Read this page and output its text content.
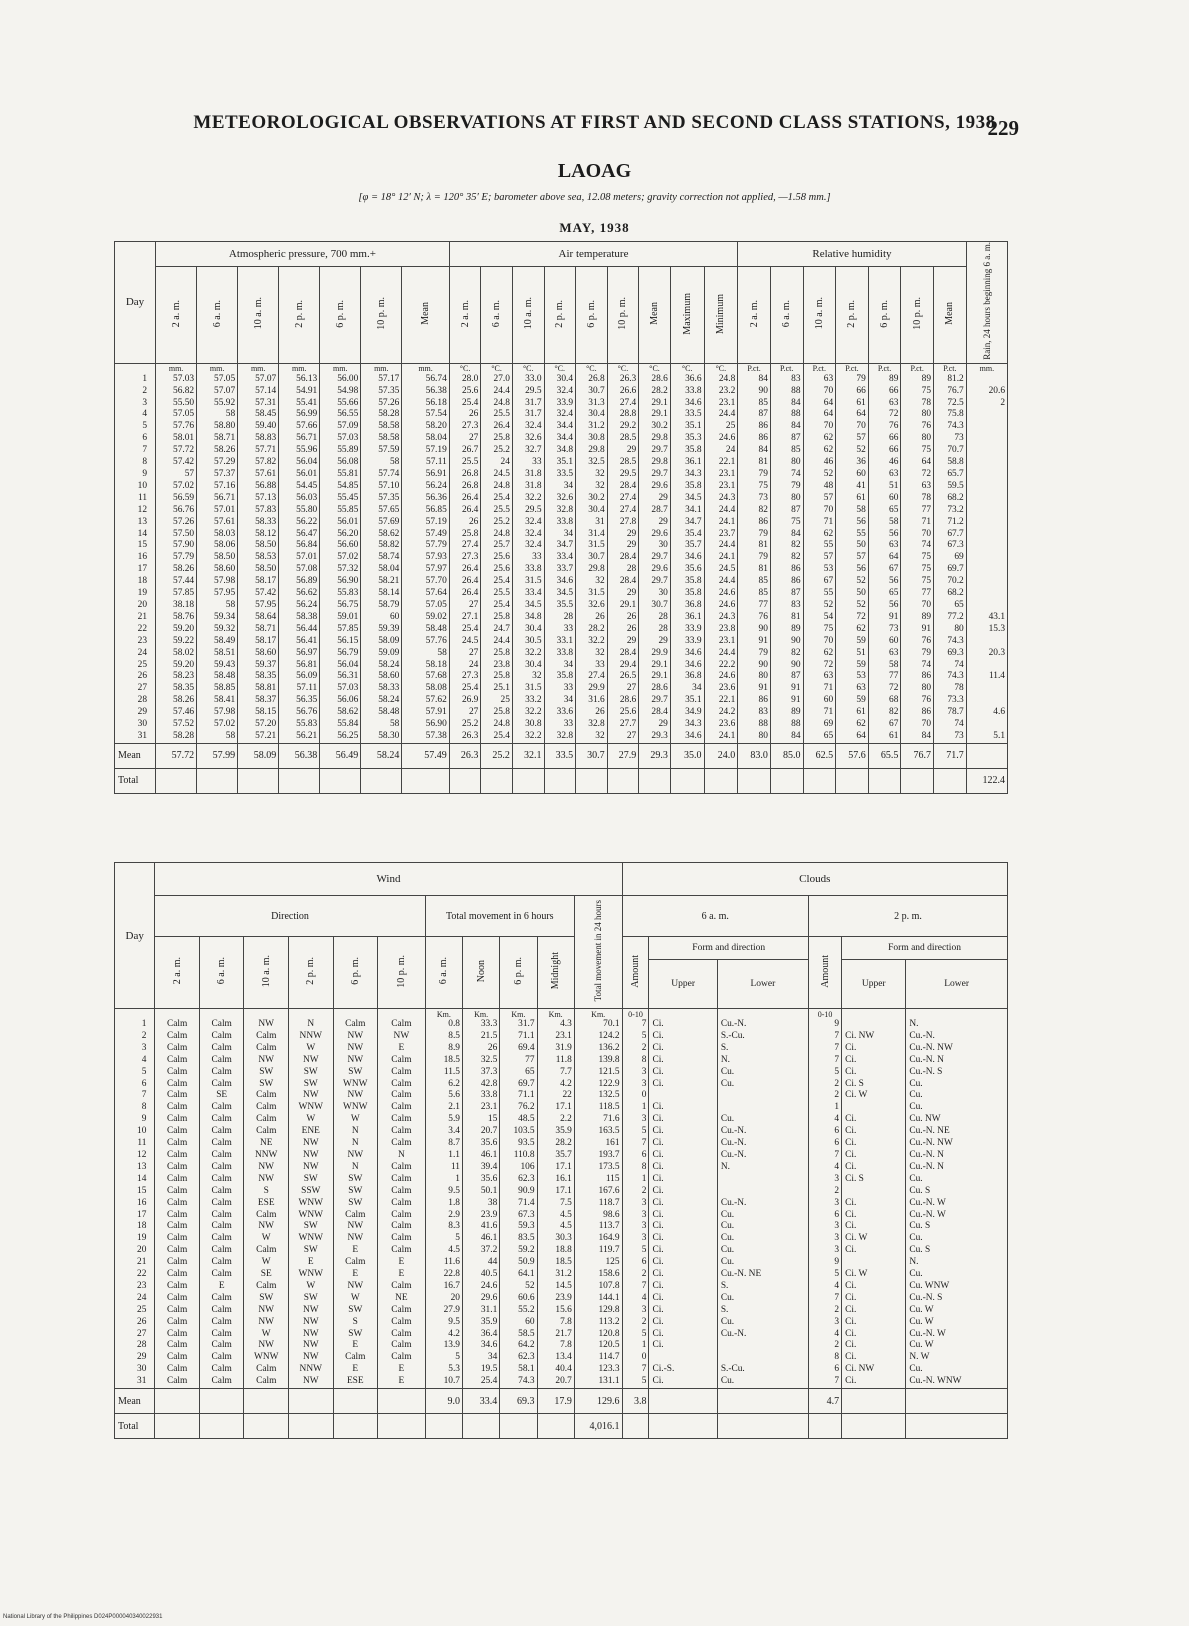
METEOROLOGICAL OBSERVATIONS AT FIRST AND SECOND CLASS STATIONS, 1938
229
LAOAG
[φ = 18° 12′ N; λ = 120° 35′ E; barometer above sea, 12.08 meters; gravity correction not applied, —1.58 mm.]
MAY, 1938
Day	Atmospheric pressure, 700 mm.+							Air temperature									Relative humidity							Rain, 24 hours beginning 6 a. m.
	2 a. m.	6 a. m.	10 a. m.	2 p. m.	6 p. m.	10 p. m.	Mean	2 a. m.	6 a. m.	10 a. m.	2 p. m.	6 p. m.	10 p. m.	Mean	Maximum	Minimum	2 a. m.	6 a. m.	10 a. m.	2 p. m.	6 p. m.	10 p. m.	Mean	
	mm.	mm.	mm.	mm.	mm.	mm.	mm.	°C.	°C.	°C.	°C.	°C.	°C.	°C.	°C.	°C.	P.ct.	P.ct.	P.ct.	P.ct.	P.ct.	P.ct.	P.ct.	mm.
1	57.03	57.05	57.07	56.13	56.00	57.17	56.74	28.0	27.0	33.0	30.4	26.8	26.3	28.6	36.6	24.8	84	83	63	79	89	89	81.2	
2	56.82	57.07	57.14	54.91	54.98	57.35	56.38	25.6	24.4	29.5	32.4	30.7	26.6	28.2	33.8	23.2	90	88	70	66	66	75	76.7	20.6
3	55.50	55.92	57.31	55.41	55.66	57.26	56.18	25.4	24.8	31.7	33.9	31.3	27.4	29.1	34.6	23.1	85	84	64	61	63	78	72.5	2
4	57.05	58	58.45	56.99	56.55	58.28	57.54	26	25.5	31.7	32.4	30.4	28.8	29.1	33.5	24.4	87	88	64	64	72	80	75.8	
5	57.76	58.80	59.40	57.66	57.09	58.58	58.20	27.3	26.4	32.4	34.4	31.2	29.2	30.2	35.1	25	86	84	70	70	76	76	74.3	
6	58.01	58.71	58.83	56.71	57.03	58.58	58.04	27	25.8	32.6	34.4	30.8	28.5	29.8	35.3	24.6	86	87	62	57	66	80	73	
7	57.72	58.26	57.71	55.96	55.89	57.59	57.19	26.7	25.2	32.7	34.8	29.8	29	29.7	35.8	24	84	85	62	52	66	75	70.7	
8	57.42	57.29	57.82	56.04	56.08	58	57.11	25.5	24	33	35.1	32.5	28.5	29.8	36.1	22.1	81	80	46	36	46	64	58.8	
9	57	57.37	57.61	56.01	55.81	57.74	56.91	26.8	24.5	31.8	33.5	32	29.5	29.7	34.3	23.1	79	74	52	60	63	72	65.7	
10	57.02	57.16	56.88	54.45	54.85	57.10	56.24	26.8	24.8	31.8	34	32	28.4	29.6	35.8	23.1	75	79	48	41	51	63	59.5	
11	56.59	56.71	57.13	56.03	55.45	57.35	56.36	26.4	25.4	32.2	32.6	30.2	27.4	29	34.5	24.3	73	80	57	61	60	78	68.2	
12	56.76	57.01	57.83	55.80	55.85	57.65	56.85	26.4	25.5	29.5	32.8	30.4	27.4	28.7	34.1	24.4	82	87	70	58	65	77	73.2	
13	57.26	57.61	58.33	56.22	56.01	57.69	57.19	26	25.2	32.4	33.8	31	27.8	29	34.7	24.1	86	75	71	56	58	71	71.2	
14	57.50	58.03	58.12	56.47	56.20	58.62	57.49	25.8	24.8	32.4	34	31.4	29	29.6	35.4	23.7	79	84	62	55	56	70	67.7	
15	57.90	58.06	58.50	56.84	56.60	58.82	57.79	27.4	25.7	32.4	34.7	31.5	29	30	35.7	24.4	81	82	55	50	63	74	67.3	
16	57.79	58.50	58.53	57.01	57.02	58.74	57.93	27.3	25.6	33	33.4	30.7	28.4	29.7	34.6	24.1	79	82	57	57	64	75	69	
17	58.26	58.60	58.50	57.08	57.32	58.04	57.97	26.4	25.6	33.8	33.7	29.8	28	29.6	35.6	24.5	81	86	53	56	67	75	69.7	
18	57.44	57.98	58.17	56.89	56.90	58.21	57.70	26.4	25.4	31.5	34.6	32	28.4	29.7	35.8	24.4	85	86	67	52	56	75	70.2	
19	57.85	57.95	57.42	56.62	55.83	58.14	57.64	26.4	25.5	33.4	34.5	31.5	29	30	35.8	24.6	85	87	55	50	65	77	68.2	
20	38.18	58	57.95	56.24	56.75	58.79	57.05	27	25.4	34.5	35.5	32.6	29.1	30.7	36.8	24.6	77	83	52	52	56	70	65	
21	58.76	59.34	58.64	58.38	59.01	60	59.02	27.1	25.8	34.8	28	26	26	28	36.1	24.3	76	81	54	72	91	89	77.2	43.1
22	59.20	59.32	58.71	56.44	57.85	59.39	58.48	25.4	24.7	30.4	33	28.2	26	28	33.9	23.8	90	89	75	62	73	91	80	15.3
23	59.22	58.49	58.17	56.41	56.15	58.09	57.76	24.5	24.4	30.5	33.1	32.2	29	29	33.9	23.1	91	90	70	59	60	76	74.3	
24	58.02	58.51	58.60	56.97	56.79	59.09	58	27	25.8	32.2	33.8	32	28.4	29.9	34.6	24.4	79	82	62	51	63	79	69.3	20.3
25	59.20	59.43	59.37	56.81	56.04	58.24	58.18	24	23.8	30.4	34	33	29.4	29.1	34.6	22.2	90	90	72	59	58	74	74	
26	58.23	58.48	58.35	56.09	56.31	58.60	57.68	27.3	25.8	32	35.8	27.4	26.5	29.1	36.8	24.6	80	87	63	53	77	86	74.3	11.4
27	58.35	58.85	58.81	57.11	57.03	58.33	58.08	25.4	25.1	31.5	33	29.9	27	28.6	34	23.6	91	91	71	63	72	80	78	
28	58.26	58.41	58.37	56.35	56.06	58.24	57.62	26.9	25	33.2	34	31.6	28.6	29.7	35.1	22.1	86	91	60	59	68	76	73.3	
29	57.46	57.98	58.15	56.76	58.62	58.48	57.91	27	25.8	32.2	33.6	26	25.6	28.4	34.9	24.2	83	89	71	61	82	86	78.7	4.6
30	57.52	57.02	57.20	55.83	55.84	58	56.90	25.2	24.8	30.8	33	32.8	27.7	29	34.3	23.6	88	88	69	62	67	70	74	
31	58.28	58	57.21	56.21	56.25	58.30	57.38	26.3	25.4	32.2	32.8	32	27	29.3	34.6	24.1	80	84	65	64	61	84	73	5.1
Mean	57.72	57.99	58.09	56.38	56.49	58.24	57.49	26.3	25.2	32.1	33.5	30.7	27.9	29.3	35.0	24.0	83.0	85.0	62.5	57.6	65.5	76.7	71.7	
Total																								122.4
Day	Wind											Clouds					
	Direction						Total movement in 6 hours				Total movement in 24 hours	6 a. m.			2 p. m.		
	2 a. m.	6 a. m.	10 a. m.	2 p. m.	6 p. m.	10 p. m.	6 a. m.	Noon	6 p. m.	Midnight		Amount	Form and direction		Amount	Form and direction	
													Upper	Lower		Upper	Lower
							Km.	Km.	Km.	Km.	Km.	0-10			0-10		
1	Calm	Calm	NW	N	Calm	Calm	0.8	33.3	31.7	4.3	70.1	7	Ci.	Cu.-N.	9		N.
2	Calm	Calm	Calm	NNW	NW	NW	8.5	21.5	71.1	23.1	124.2	5	Ci.	S.-Cu.	7	Ci. NW	Cu.-N.
3	Calm	Calm	Calm	W	NW	E	8.9	26	69.4	31.9	136.2	2	Ci.	S.	7	Ci.	Cu.-N. NW
4	Calm	Calm	NW	NW	NW	Calm	18.5	32.5	77	11.8	139.8	8	Ci.	N.	7	Ci.	Cu.-N. N
5	Calm	Calm	SW	SW	SW	Calm	11.5	37.3	65	7.7	121.5	3	Ci.	Cu.	5	Ci.	Cu.-N. S
6	Calm	Calm	SW	SW	WNW	Calm	6.2	42.8	69.7	4.2	122.9	3	Ci.	Cu.	2	Ci. S	Cu.
7	Calm	SE	Calm	NW	NW	Calm	5.6	33.8	71.1	22	132.5	0			2	Ci. W	Cu.
8	Calm	Calm	Calm	WNW	WNW	Calm	2.1	23.1	76.2	17.1	118.5	1	Ci.		1		Cu.
9	Calm	Calm	Calm	W	W	Calm	5.9	15	48.5	2.2	71.6	3	Ci.	Cu.	4	Ci.	Cu. NW
10	Calm	Calm	Calm	ENE	N	Calm	3.4	20.7	103.5	35.9	163.5	5	Ci.	Cu.-N.	6	Ci.	Cu.-N. NE
11	Calm	Calm	NE	NW	N	Calm	8.7	35.6	93.5	28.2	161	7	Ci.	Cu.-N.	6	Ci.	Cu.-N. NW
12	Calm	Calm	NNW	NW	NW	N	1.1	46.1	110.8	35.7	193.7	6	Ci.	Cu.-N.	7	Ci.	Cu.-N. N
13	Calm	Calm	NW	NW	N	Calm	11	39.4	106	17.1	173.5	8	Ci.	N.	4	Ci.	Cu.-N. N
14	Calm	Calm	NW	SW	SW	Calm	1	35.6	62.3	16.1	115	1	Ci.		3	Ci. S	Cu.
15	Calm	Calm	S	SSW	SW	Calm	9.5	50.1	90.9	17.1	167.6	2	Ci.		2		Cu. S
16	Calm	Calm	ESE	WNW	SW	Calm	1.8	38	71.4	7.5	118.7	3	Ci.	Cu.-N.	3	Ci.	Cu.-N. W
17	Calm	Calm	Calm	WNW	Calm	Calm	2.9	23.9	67.3	4.5	98.6	3	Ci.	Cu.	6	Ci.	Cu.-N. W
18	Calm	Calm	NW	SW	NW	Calm	8.3	41.6	59.3	4.5	113.7	3	Ci.	Cu.	3	Ci.	Cu. S
19	Calm	Calm	W	WNW	NW	Calm	5	46.1	83.5	30.3	164.9	3	Ci.	Cu.	3	Ci. W	Cu.
20	Calm	Calm	Calm	SW	E	Calm	4.5	37.2	59.2	18.8	119.7	5	Ci.	Cu.	3	Ci.	Cu. S
21	Calm	Calm	W	E	Calm	E	11.6	44	50.9	18.5	125	6	Ci.	Cu.	9		N.
22	Calm	Calm	SE	WNW	E	E	22.8	40.5	64.1	31.2	158.6	2	Ci.	Cu.-N. NE	5	Ci. W	Cu.
23	Calm	E	Calm	W	NW	Calm	16.7	24.6	52	14.5	107.8	7	Ci.	S.	4	Ci.	Cu. WNW
24	Calm	Calm	SW	SW	W	NE	20	29.6	60.6	23.9	144.1	4	Ci.	Cu.	7	Ci.	Cu.-N. S
25	Calm	Calm	NW	NW	SW	Calm	27.9	31.1	55.2	15.6	129.8	3	Ci.	S.	2	Ci.	Cu. W
26	Calm	Calm	NW	NW	S	Calm	9.5	35.9	60	7.8	113.2	2	Ci.	Cu.	3	Ci.	Cu. W
27	Calm	Calm	W	NW	SW	Calm	4.2	36.4	58.5	21.7	120.8	5	Ci.	Cu.-N.	4	Ci.	Cu.-N. W
28	Calm	Calm	NW	NW	E	Calm	13.9	34.6	64.2	7.8	120.5	1	Ci.		2	Ci.	Cu. W
29	Calm	Calm	WNW	NW	Calm	Calm	5	34	62.3	13.4	114.7	0			8	Ci.	N. W
30	Calm	Calm	Calm	NNW	E	E	5.3	19.5	58.1	40.4	123.3	7	Ci.-S.	S.-Cu.	6	Ci. NW	Cu.
31	Calm	Calm	Calm	NW	ESE	E	10.7	25.4	74.3	20.7	131.1	5	Ci.	Cu.	7	Ci.	Cu.-N. WNW
Mean							9.0	33.4	69.3	17.9	129.6	3.8			4.7		
Total											4,016.1						
National Library of the Philippines D024P000040340022931
